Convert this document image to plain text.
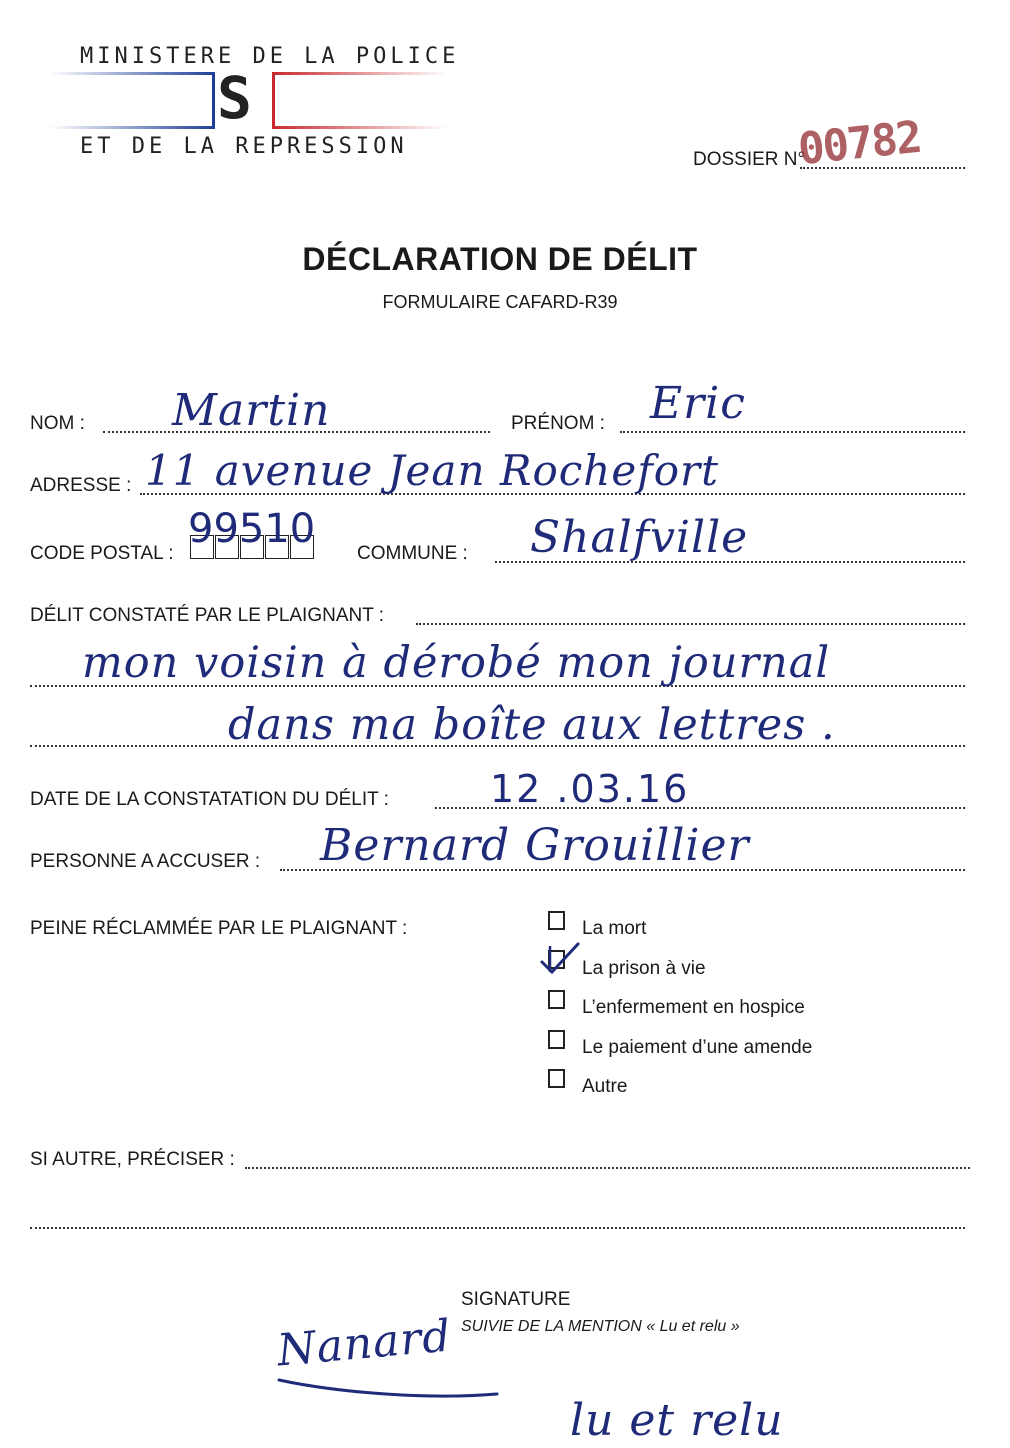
MINISTERE DE LA POLICE
S
ET DE LA REPRESSION
DOSSIER N°
00782
DÉCLARATION DE DÉLIT
FORMULAIRE CAFARD-R39
NOM : Martin	PRÉNOM : Eric
ADRESSE : 11 avenue Jean Rochefort
CODE POSTAL :
99510
COMMUNE : Shalfville
DÉLIT CONSTATÉ PAR LE PLAIGNANT :
mon voisin à dérobé mon journal
dans ma boîte aux lettres .
DATE DE LA CONSTATATION DU DÉLIT :	12 .03.16
PERSONNE A ACCUSER : Bernard Grouillier
PEINE RÉCLAMMÉE PAR LE PLAIGNANT :	La mort
La prison à vie
L’enfermement en hospice
Le paiement d’une amende
Autre
SI AUTRE, PRÉCISER :
SIGNATURE
SUIVIE DE LA MENTION « Lu et relu »
Nanard
lu et relu
